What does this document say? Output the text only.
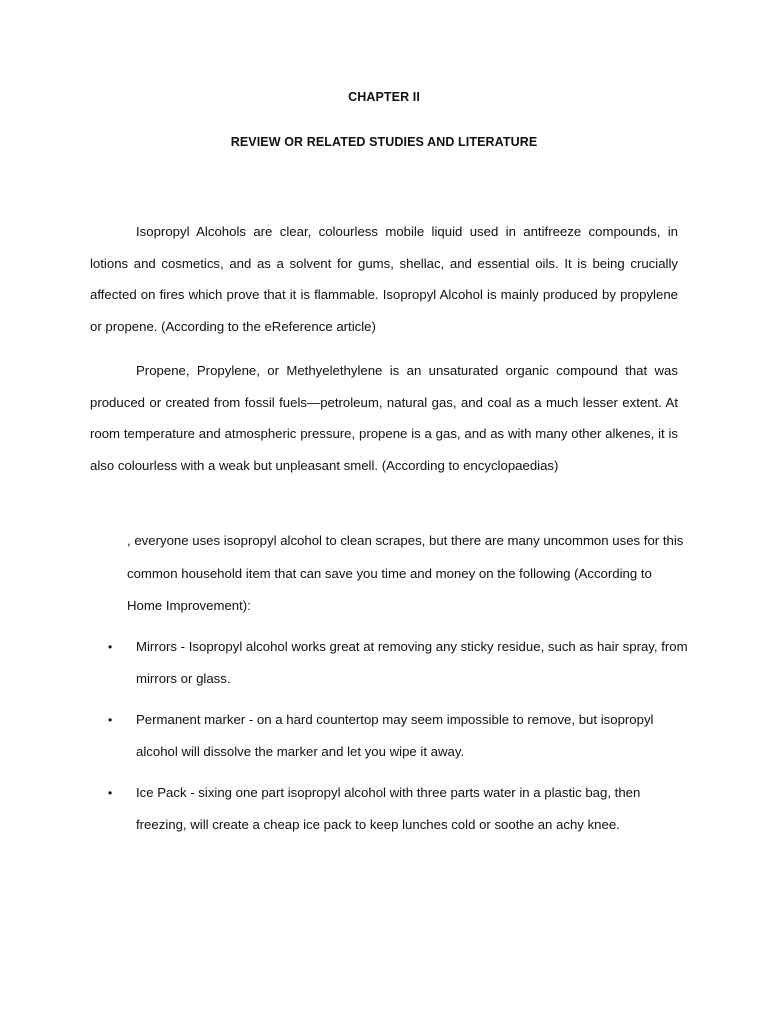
CHAPTER II
REVIEW OR RELATED STUDIES AND LITERATURE
Isopropyl Alcohols are clear, colourless mobile liquid used in antifreeze compounds, in lotions and cosmetics, and as a solvent for gums, shellac, and essential oils. It is being crucially affected on fires which prove that it is flammable. Isopropyl Alcohol is mainly produced by propylene or propene. (According to the eReference article)
Propene, Propylene, or Methyelethylene is an unsaturated organic compound that was produced or created from fossil fuels—petroleum, natural gas, and coal as a much lesser extent. At room temperature and atmospheric pressure, propene is a gas, and as with many other alkenes, it is also colourless with a weak but unpleasant smell. (According to encyclopaedias)
, everyone uses isopropyl alcohol to clean scrapes, but there are many uncommon uses for this common household item that can save you time and money on the following (According to Home Improvement):
• Mirrors - Isopropyl alcohol works great at removing any sticky residue, such as hair spray, from mirrors or glass.
• Permanent marker - on a hard countertop may seem impossible to remove, but isopropyl alcohol will dissolve the marker and let you wipe it away.
• Ice Pack - sixing one part isopropyl alcohol with three parts water in a plastic bag, then freezing, will create a cheap ice pack to keep lunches cold or soothe an achy knee.
